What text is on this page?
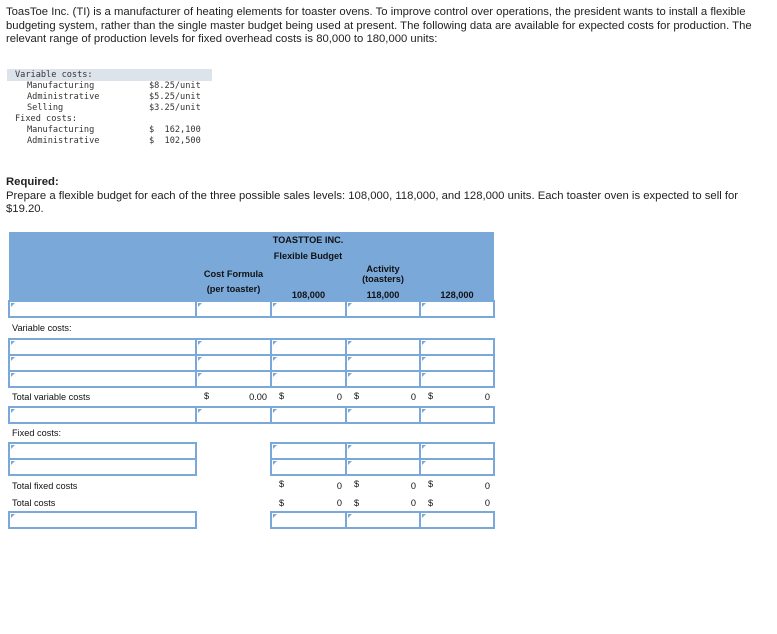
ToasToe Inc. (TI) is a manufacturer of heating elements for toaster ovens. To improve control over operations, the president wants to install a flexible budgeting system, rather than the single master budget being used at present. The following data are available for expected costs for production. The relevant range of production levels for fixed overhead costs is 80,000 to 180,000 units:
Variable costs:
Manufacturing	$8.25/unit
Administrative	$5.25/unit
Selling	$3.25/unit
Fixed costs:
Manufacturing	$  162,100
Administrative	$  102,500
Required:
Prepare a flexible budget for each of the three possible sales levels: 108,000, 118,000, and 128,000 units. Each toaster oven is expected to sell for $19.20.
	TOASTTOE INC.			
	Flexible Budget			
	Cost Formula		Activity (toasters)	
	(per toaster)	108,000	118,000	128,000

Variable costs:				

Total variable costs	$ 0.00	$ 0	$ 0	$ 0

Fixed costs:				

Total fixed costs		$ 0	$ 0	$ 0
Total costs		$ 0	$ 0	$ 0
